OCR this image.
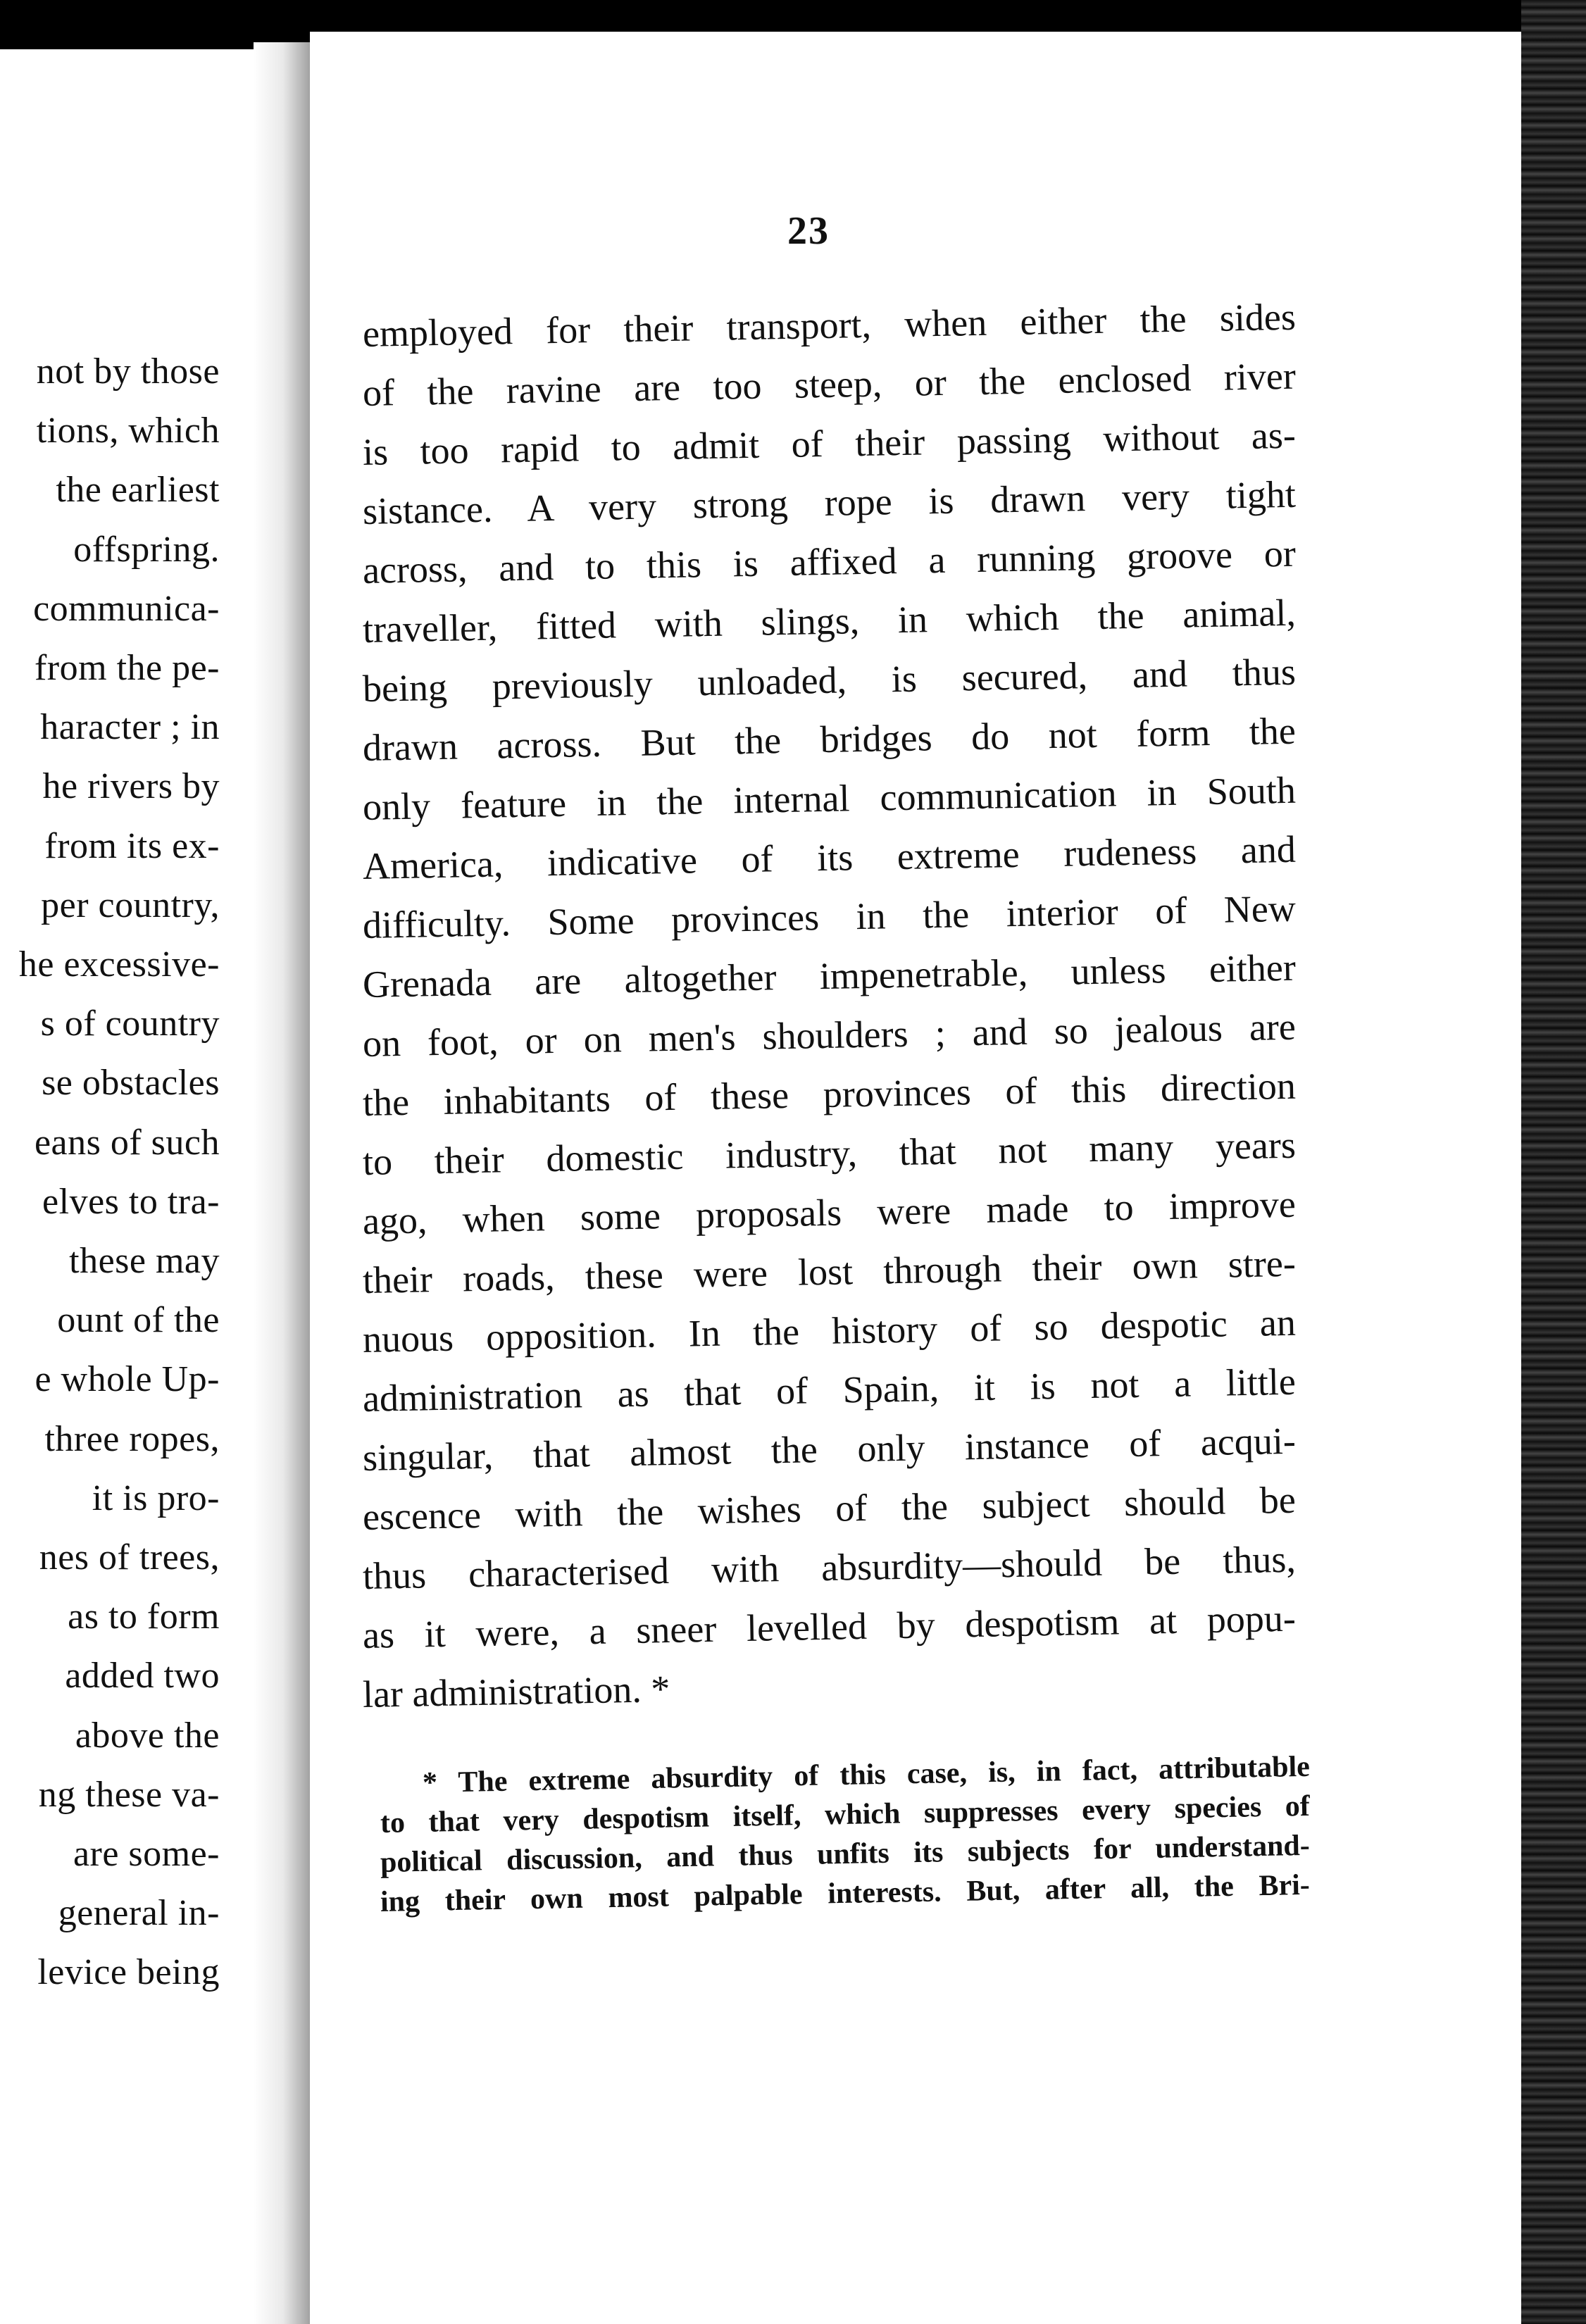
not by those
tions, which
the earliest
offspring.
communica-
from the pe-
haracter ; in
he rivers by
from its ex-
per country,
he excessive-
s of country
se obstacles
eans of such
elves to tra-
these may
ount of the
e whole Up-
three ropes,
it is pro-
nes of trees,
as to form
added two
above the
ng these va-
are some-
general in-
levice being
23
employed for their transport, when either the sides
of the ravine are too steep, or the enclosed river
is too rapid to admit of their passing without as-
sistance. A very strong rope is drawn very tight
across, and to this is affixed a running groove or
traveller, fitted with slings, in which the animal,
being previously unloaded, is secured, and thus
drawn across. But the bridges do not form the
only feature in the internal communication in South
America, indicative of its extreme rudeness and
difficulty. Some provinces in the interior of New
Grenada are altogether impenetrable, unless either
on foot, or on men's shoulders ; and so jealous are
the inhabitants of these provinces of this direction
to their domestic industry, that not many years
ago, when some proposals were made to improve
their roads, these were lost through their own stre-
nuous opposition. In the history of so despotic an
administration as that of Spain, it is not a little
singular, that almost the only instance of acqui-
escence with the wishes of the subject should be
thus characterised with absurdity—should be thus,
as it were, a sneer levelled by despotism at popu-
lar administration. *
* The extreme absurdity of this case, is, in fact, attributable
to that very despotism itself, which suppresses every species of
political discussion, and thus unfits its subjects for understand-
ing their own most palpable interests. But, after all, the Bri-
